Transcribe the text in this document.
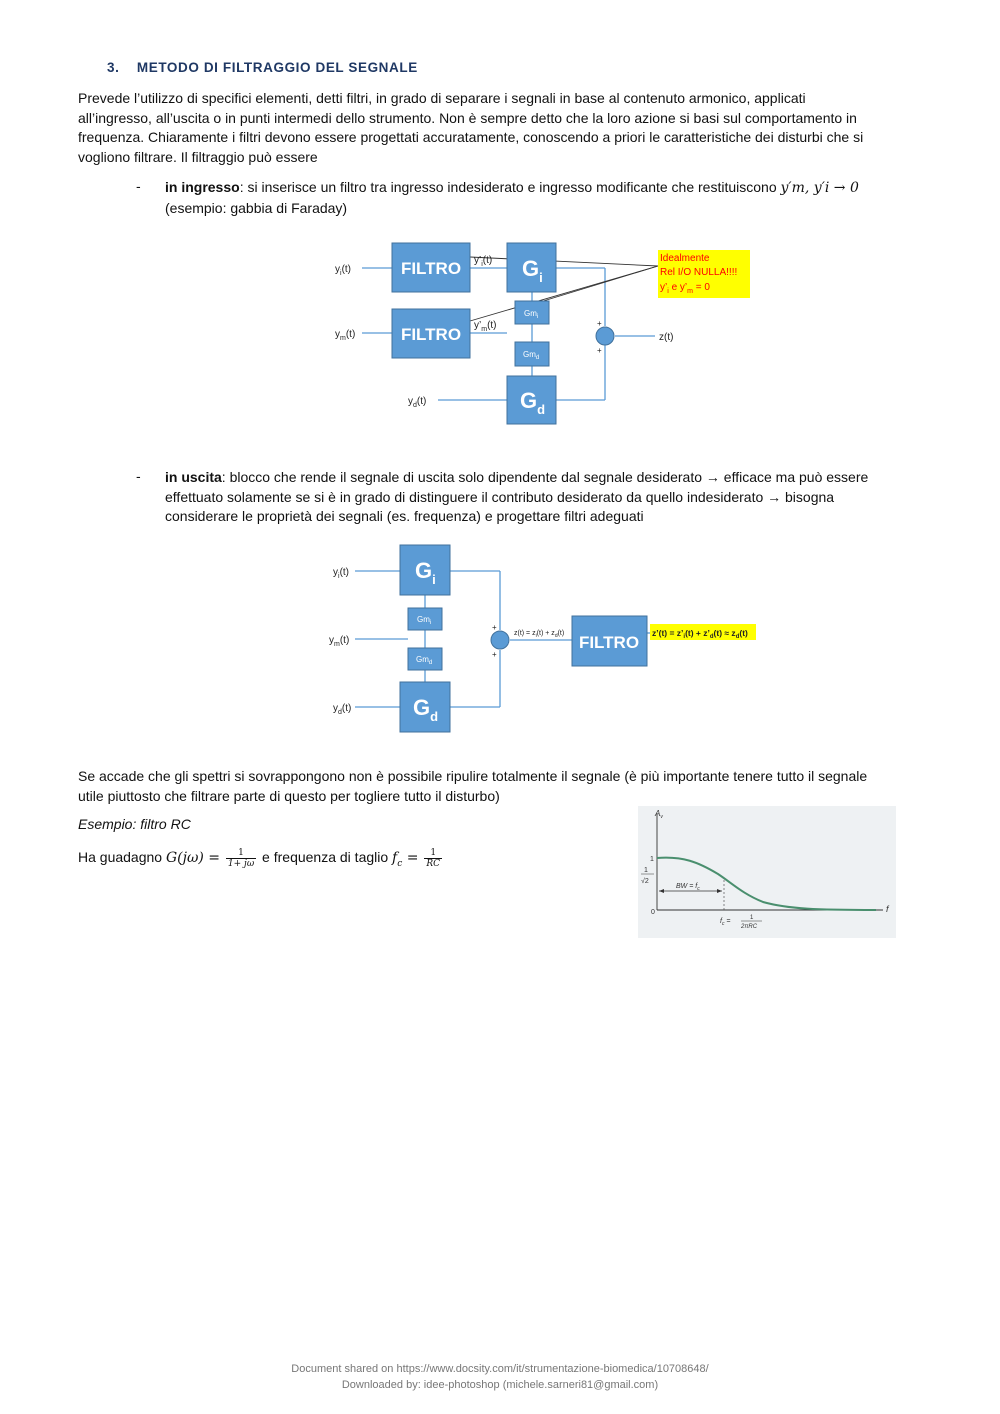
3. METODO DI FILTRAGGIO DEL SEGNALE
Prevede l’utilizzo di specifici elementi, detti filtri, in grado di separare i segnali in base al contenuto armonico, applicati
all’ingresso, all’uscita o in punti intermedi dello strumento. Non è sempre detto che la loro azione si basi sul comportamento in
frequenza. Chiaramente i filtri devono essere progettati accuratamente, conoscendo a priori le caratteristiche dei disturbi che si
vogliono filtrare. Il filtraggio può essere
- in ingresso: si inserisce un filtro tra ingresso indesiderato e ingresso modificante che restituiscono y′m, y′i → 0
(esempio: gabbia di Faraday)
FILTRO
FILTRO
$G_i$
$G_d$
$Gm_i$
$Gm_d$
$y_i(t)$
$y_m(t)$
$y_d(t)$
$y’_i(t)$
$y’_m(t)$
z(t)
+
+
Idealmente
Rel I/O NULLA!!!!
$y’_i$ e $y’_m = 0$
- in uscita: blocco che rende il segnale di uscita solo dipendente dal segnale desiderato → efficace ma può essere
effettuato solamente se si è in grado di distinguere il contributo desiderato da quello indesiderato → bisogna
considerare le proprietà dei segnali (es. frequenza) e progettare filtri adeguati
FILTRO
$G_i$
$G_d$
$Gm_i$
$Gm_d$
$y_i(t)$
$y_m(t)$
$y_d(t)$
+
+
$z(t) = z_i(t) + z_d(t)$	z’(t) = $z’_i(t)$ + $z’_d(t) \approx z_d(t)$
Se accade che gli spettri si sovrappongono non è possibile ripulire totalmente il segnale (è più importante tenere tutto il segnale
utile piuttosto che filtrare parte di questo per togliere tutto il disturbo)
Esempio: filtro RC
Ha guadagno $G(j\omega) = \frac{1}{1+ j\omega}$ e frequenza di taglio $f_c = \frac{1}{RC}$
$A_v$
f
1
1
√2
0
BW = $f_c$
$f_c$ =	1
2πRC
Document shared on https://www.docsity.com/it/strumentazione-biomedica/10708648/
Downloaded by: idee-photoshop (michele.sarneri81@gmail.com)
